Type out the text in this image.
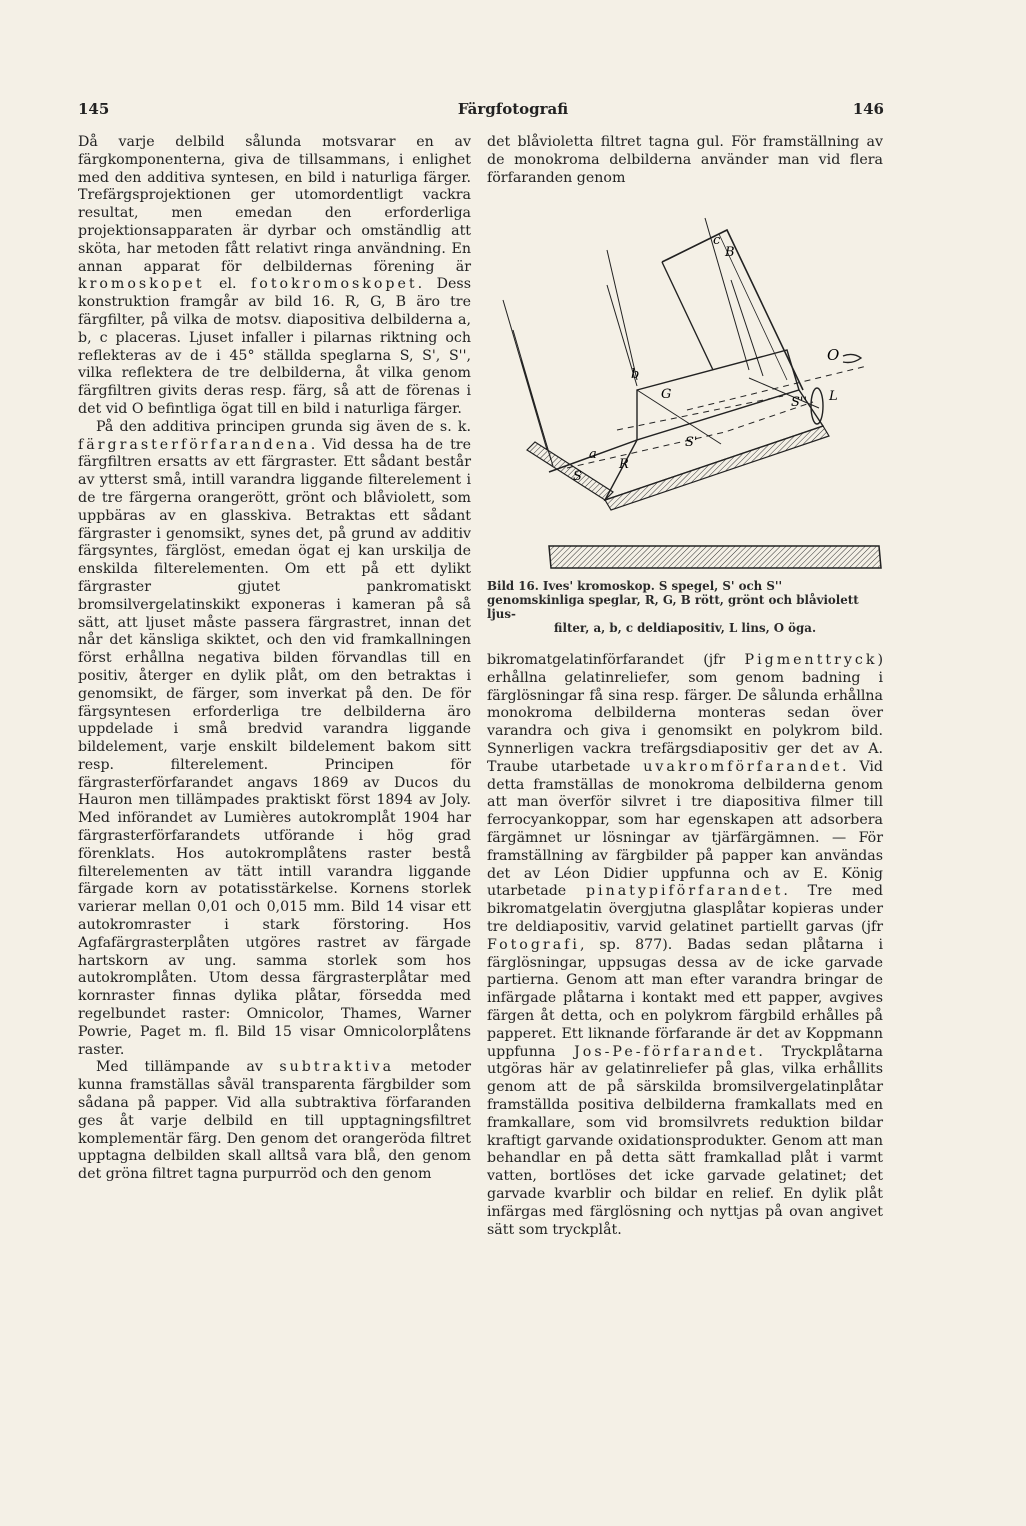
145	Färgfotografi	146

Då varje delbild sålunda motsvarar en av färgkomponenterna, giva de tillsammans, i enlighet med den additiva syntesen, en bild i naturliga färger. Trefärgsprojektionen ger utomordentligt vackra resultat, men emedan den erforderliga projektionsapparaten är dyrbar och omständlig att sköta, har metoden fått relativt ringa användning. En annan apparat för delbildernas förening är kromoskopet el. fotokromoskopet. Dess konstruktion framgår av bild 16. R, G, B äro tre färgfilter, på vilka de motsv. diapositiva delbilderna a, b, c placeras. Ljuset infaller i pilarnas riktning och reflekteras av de i 45° ställda speglarna S, S', S'', vilka reflektera de tre delbilderna, åt vilka genom färgfiltren givits deras resp. färg, så att de förenas i det vid O befintliga ögat till en bild i naturliga färger.

På den additiva principen grunda sig även de s. k. färgrasterförfarandena. Vid dessa ha de tre färgfiltren ersatts av ett färgraster. Ett sådant består av ytterst små, intill varandra liggande filterelement i de tre färgerna orangerött, grönt och blåviolett, som uppbäras av en glasskiva. Betraktas ett sådant färgraster i genomsikt, synes det, på grund av additiv färgsyntes, färglöst, emedan ögat ej kan urskilja de enskilda filterelementen. Om ett på ett dylikt färgraster gjutet pankromatiskt bromsilvergelatinskikt exponeras i kameran på så sätt, att ljuset måste passera färgrastret, innan det når det känsliga skiktet, och den vid framkallningen först erhållna negativa bilden förvandlas till en positiv, återger en dylik plåt, om den betraktas i genomsikt, de färger, som inverkat på den. De för färgsyntesen erforderliga tre delbilderna äro uppdelade i små bredvid varandra liggande bildelement, varje enskilt bildelement bakom sitt resp. filterelement. Principen för färgrasterförfarandet angavs 1869 av Ducos du Hauron men tillämpades praktiskt först 1894 av Joly. Med införandet av Lumières autokromplåt 1904 har färgrasterförfarandets utförande i hög grad förenklats. Hos autokromplåtens raster bestå filterelementen av tätt intill varandra liggande färgade korn av potatisstärkelse. Kornens storlek varierar mellan 0,01 och 0,015 mm. Bild 14 visar ett autokromraster i stark förstoring. Hos Agfafärgrasterplåten utgöres rastret av färgade hartskorn av ung. samma storlek som hos autokromplåten. Utom dessa färgrasterplåtar med kornraster finnas dylika plåtar, försedda med regelbundet raster: Omnicolor, Thames, Warner Powrie, Paget m. fl. Bild 15 visar Omnicolorplåtens raster.

Med tillämpande av subtraktiva metoder kunna framställas såväl transparenta färgbilder som sådana på papper. Vid alla subtraktiva förfaranden ges åt varje delbild en till upptagningsfiltret komplementär färg. Den genom det orangeröda filtret upptagna delbilden skall alltså vara blå, den genom det gröna filtret tagna purpurröd och den genom

det blåvioletta filtret tagna gul. För framställning av de monokroma delbilderna använder man vid flera förfaranden genom

B
G
R
a
b
c
S
S'
S'' L
O
Bild 16. Ives' kromoskop. S spegel, S' och S'' genomskinliga speglar, R, G, B rött, grönt och blåviolett ljus-
filter, a, b, c deldiapositiv, L lins, O öga.

bikromatgelatinförfarandet (jfr Pigmenttryck) erhållna gelatinreliefer, som genom badning i färglösningar få sina resp. färger. De sålunda erhållna monokroma delbilderna monteras sedan över varandra och giva i genomsikt en polykrom bild. Synnerligen vackra trefärgsdiapositiv ger det av A. Traube utarbetade uvakromförfarandet. Vid detta framställas de monokroma delbilderna genom att man överför silvret i tre diapositiva filmer till ferrocyankoppar, som har egenskapen att adsorbera färgämnet ur lösningar av tjärfärgämnen. — För framställning av färgbilder på papper kan användas det av Léon Didier uppfunna och av E. König utarbetade pinatypiförfarandet. Tre med bikromatgelatin övergjutna glasplåtar kopieras under tre deldiapositiv, varvid gelatinet partiellt garvas (jfr Fotografi, sp. 877). Badas sedan plåtarna i färglösningar, uppsugas dessa av de icke garvade partierna. Genom att man efter varandra bringar de infärgade plåtarna i kontakt med ett papper, avgives färgen åt detta, och en polykrom färgbild erhålles på papperet. Ett liknande förfarande är det av Koppmann uppfunna Jos-Pe-förfarandet. Tryckplåtarna utgöras här av gelatinreliefer på glas, vilka erhållits genom att de på särskilda bromsilvergelatinplåtar framställda positiva delbilderna framkallats med en framkallare, som vid bromsilvrets reduktion bildar kraftigt garvande oxidationsprodukter. Genom att man behandlar en på detta sätt framkallad plåt i varmt vatten, bortlöses det icke garvade gelatinet; det garvade kvarblir och bildar en relief. En dylik plåt infärgas med färglösning och nyttjas på ovan angivet sätt som tryckplåt.
